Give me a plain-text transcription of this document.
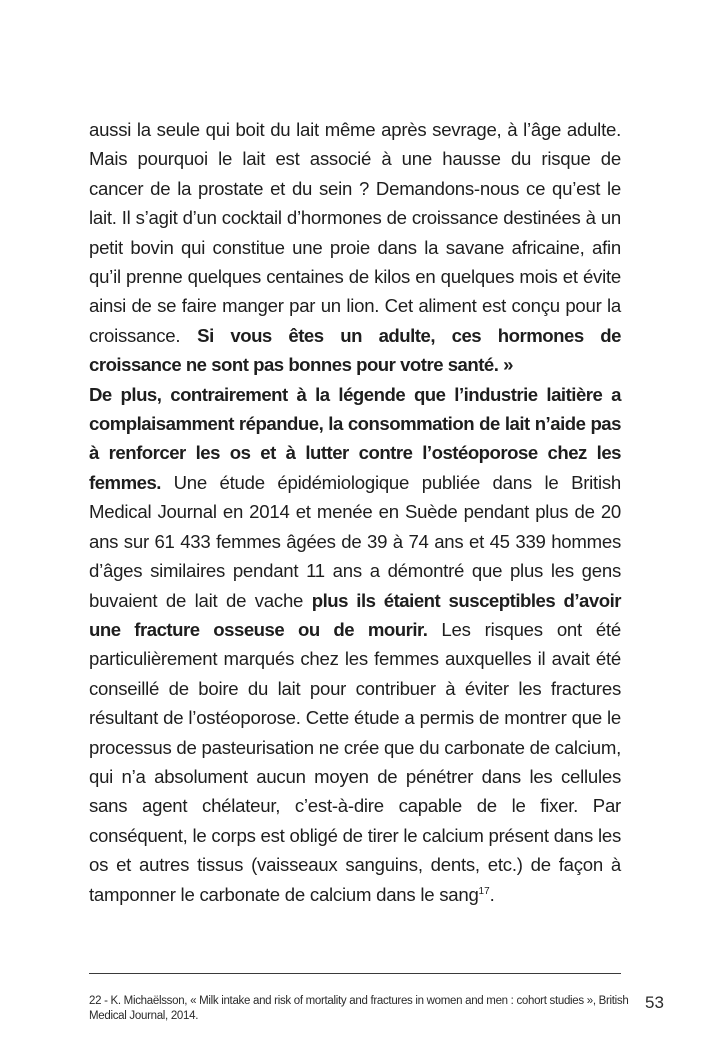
aussi la seule qui boit du lait même après sevrage, à l’âge adulte. Mais pourquoi le lait est associé à une hausse du risque de cancer de la prostate et du sein ? Demandons-nous ce qu’est le lait. Il s’agit d’un cocktail d’hormones de croissance destinées à un petit bovin qui constitue une proie dans la savane africaine, afin qu’il prenne quelques centaines de kilos en quelques mois et évite ainsi de se faire manger par un lion. Cet aliment est conçu pour la croissance. Si vous êtes un adulte, ces hormones de croissance ne sont pas bonnes pour votre santé. »

De plus, contrairement à la légende que l’industrie laitière a complaisamment répandue, la consommation de lait n’aide pas à renforcer les os et à lutter contre l’ostéoporose chez les femmes. Une étude épidémiologique publiée dans le British Medical Journal en 2014 et menée en Suède pendant plus de 20 ans sur 61 433 femmes âgées de 39 à 74 ans et 45 339 hommes d’âges similaires pendant 11 ans a démontré que plus les gens buvaient de lait de vache plus ils étaient susceptibles d’avoir une fracture osseuse ou de mourir. Les risques ont été particulièrement marqués chez les femmes auxquelles il avait été conseillé de boire du lait pour contribuer à éviter les fractures résultant de l’ostéoporose. Cette étude a permis de montrer que le processus de pasteurisation ne crée que du carbonate de calcium, qui n’a absolument aucun moyen de pénétrer dans les cellules sans agent chélateur, c’est-à-dire capable de le fixer. Par conséquent, le corps est obligé de tirer le calcium présent dans les os et autres tissus (vaisseaux sanguins, dents, etc.) de façon à tamponner le carbonate de calcium dans le sang$^{17}$.

22 - K. Michaëlsson, « Milk intake and risk of mortality and fractures in women and men : cohort studies », British Medical Journal, 2014.
53
